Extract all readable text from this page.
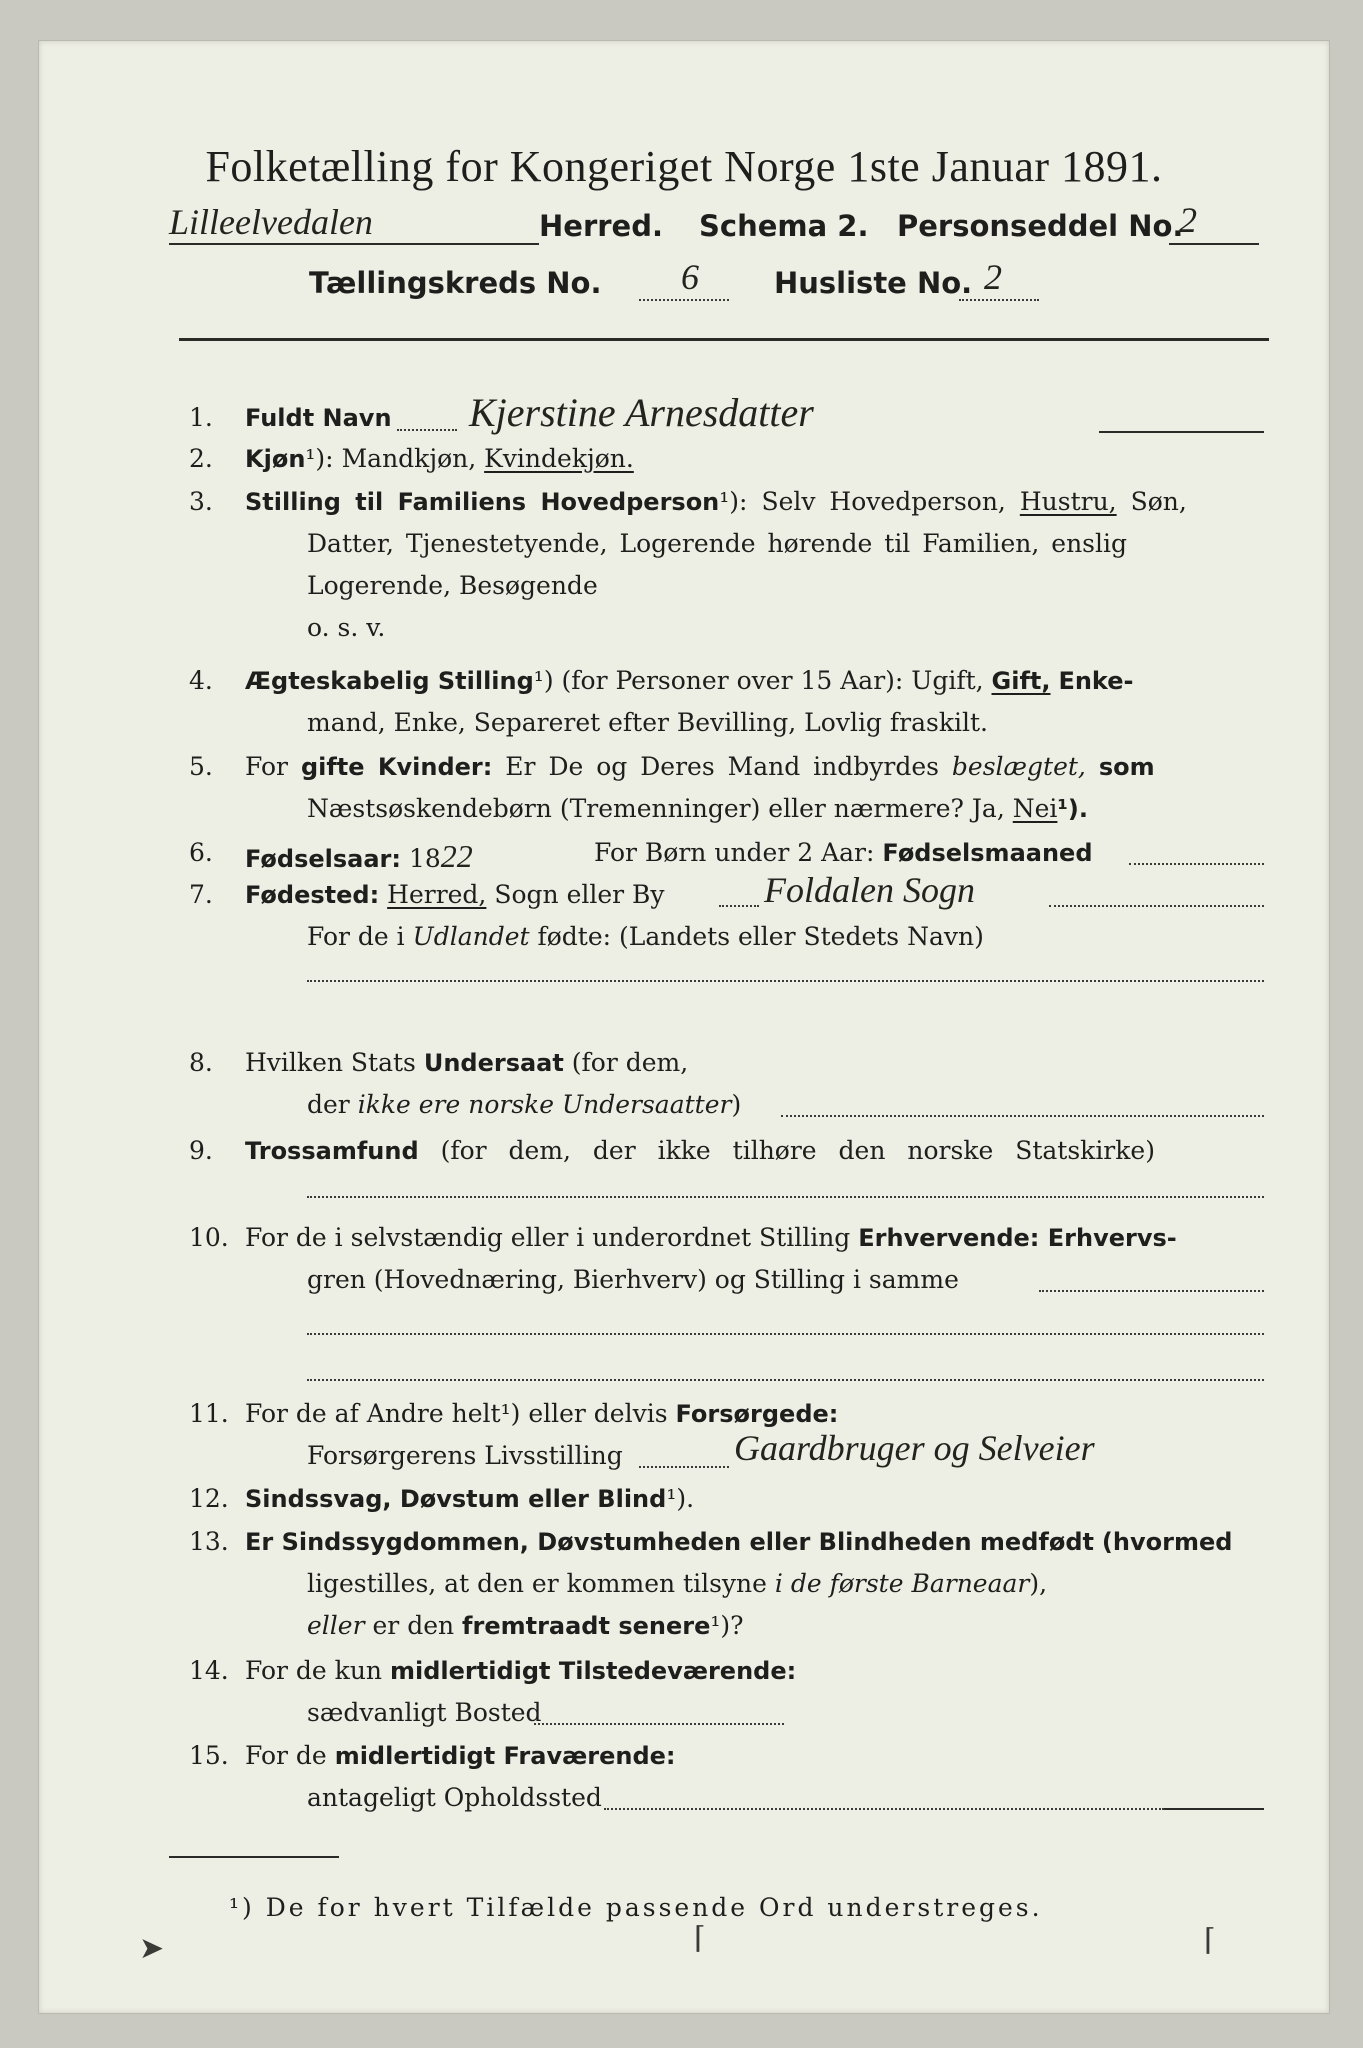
Folketælling for Kongeriget Norge 1ste Januar 1891.
Lilleelvedalen	Herred. Schema 2. Personseddel No.
2
Tællingskreds No. 6	Husliste No. 2
1. Fuldt Navn Kjerstine Arnesdatter
2. Kjøn¹): Mandkjøn, Kvindekjøn.
3. Stilling til Familiens Hovedperson¹): Selv Hovedperson, Hustru, Søn,
Datter, Tjenestetyende, Logerende hørende til Familien, enslig
Logerende, Besøgende
o. s. v.
4. Ægteskabelig Stilling¹) (for Personer over 15 Aar): Ugift, Gift, Enke-
mand, Enke, Separeret efter Bevilling, Lovlig fraskilt.
5. For gifte Kvinder: Er De og Deres Mand indbyrdes beslægtet, som
Næstsøskendebørn (Tremenninger) eller nærmere? Ja, Nei¹).
6. Fødselsaar: 1822	For Børn under 2 Aar: Fødselsmaaned
7. Fødested: Herred, Sogn eller By	Foldalen Sogn
For de i Udlandet fødte: (Landets eller Stedets Navn)
8. Hvilken Stats Undersaat (for dem,
der ikke ere norske Undersaatter)
9. Trossamfund (for dem, der ikke tilhøre den norske Statskirke)
10. For de i selvstændig eller i underordnet Stilling Erhvervende: Erhvervs-
gren (Hovednæring, Bierhverv) og Stilling i samme
11. For de af Andre helt¹) eller delvis Forsørgede:
Forsørgerens Livsstilling	Gaardbruger og Selveier
12. Sindssvag, Døvstum eller Blind¹).
13. Er Sindssygdommen, Døvstumheden eller Blindheden medfødt (hvormed
ligestilles, at den er kommen tilsyne i de første Barneaar),
eller er den fremtraadt senere¹)?
14. For de kun midlertidigt Tilstedeværende:
sædvanligt Bosted
15. For de midlertidigt Fraværende:
antageligt Opholdssted
¹) De for hvert Tilfælde passende Ord understreges.
➤	⌈	⌈
